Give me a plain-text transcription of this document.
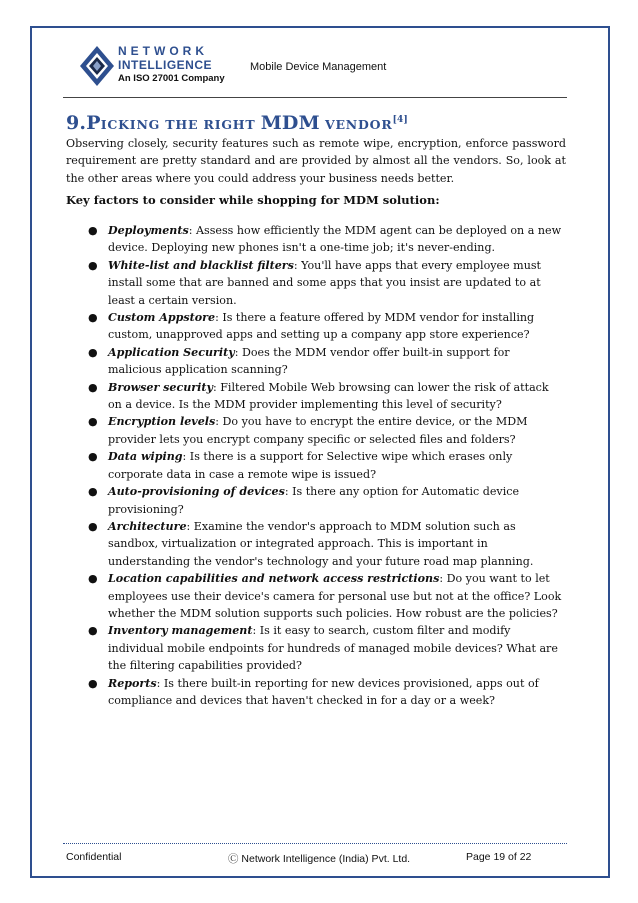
NETWORK
INTELLIGENCE
An ISO 27001 Company
Mobile Device Management
9.PICKING THE RIGHT MDM VENDOR[4]

Observing closely, security features such as remote wipe, encryption, enforce password requirement are pretty standard and are provided by almost all the vendors. So, look at the other areas where you could address your business needs better.

Key factors to consider while shopping for MDM solution:

● Deployments: Assess how efficiently the MDM agent can be deployed on a new device. Deploying new phones isn't a one-time job; it's never-ending.
● White-list and blacklist filters: You'll have apps that every employee must install some that are banned and some apps that you insist are updated to at least a certain version.
● Custom Appstore: Is there a feature offered by MDM vendor for installing custom, unapproved apps and setting up a company app store experience?
● Application Security: Does the MDM vendor offer built-in support for malicious application scanning?
● Browser security: Filtered Mobile Web browsing can lower the risk of attack on a device. Is the MDM provider implementing this level of security?
● Encryption levels: Do you have to encrypt the entire device, or the MDM provider lets you encrypt company specific or selected files and folders?
● Data wiping: Is there is a support for Selective wipe which erases only corporate data in case a remote wipe is issued?
● Auto-provisioning of devices: Is there any option for Automatic device provisioning?
● Architecture: Examine the vendor's approach to MDM solution such as sandbox, virtualization or integrated approach. This is important in understanding the vendor's technology and your future road map planning.
● Location capabilities and network access restrictions: Do you want to let employees use their device's camera for personal use but not at the office? Look whether the MDM solution supports such policies. How robust are the policies?
● Inventory management: Is it easy to search, custom filter and modify individual mobile endpoints for hundreds of managed mobile devices? What are the filtering capabilities provided?
● Reports: Is there built-in reporting for new devices provisioned, apps out of compliance and devices that haven't checked in for a day or a week?
Confidential	Ⓒ Network Intelligence (India) Pvt. Ltd.	Page 19 of 22
